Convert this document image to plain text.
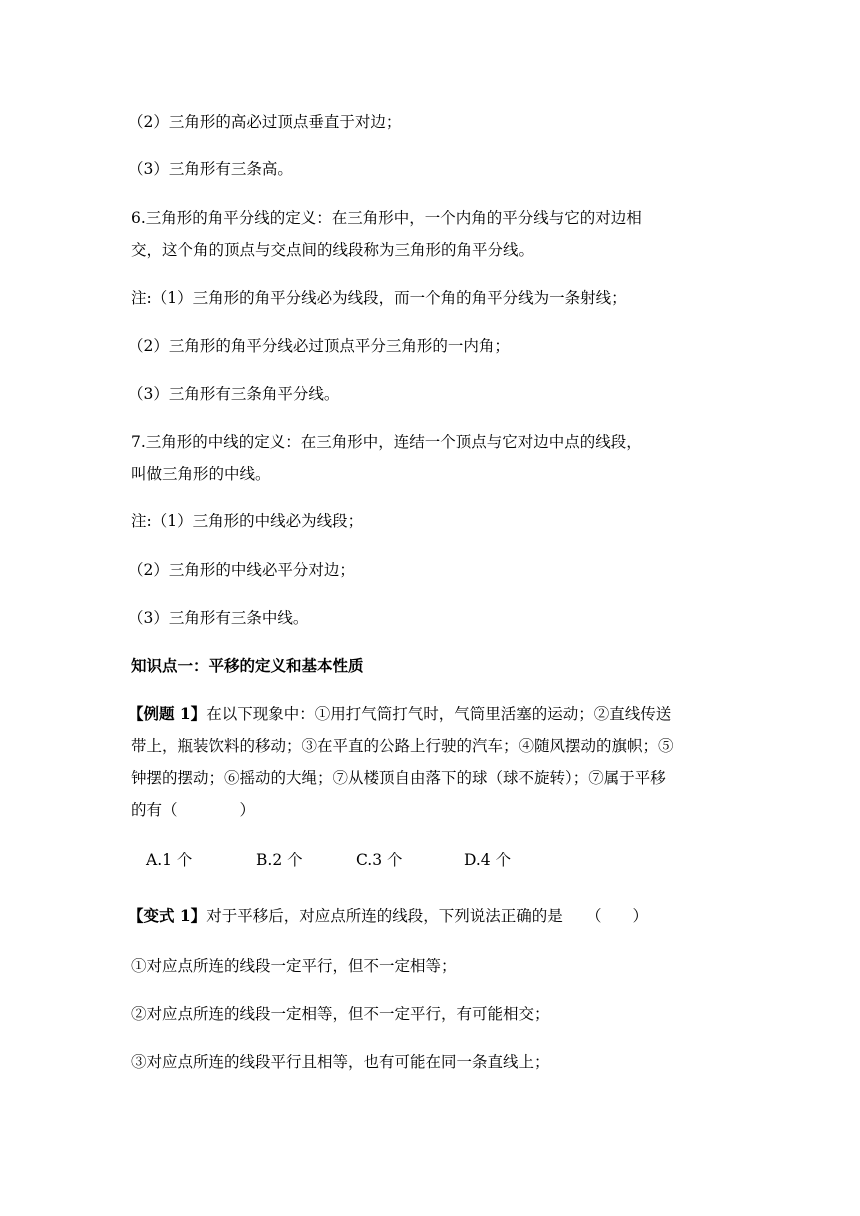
（2）三角形的高必过顶点垂直于对边；
（3）三角形有三条高。
6.三角形的角平分线的定义：在三角形中，一个内角的平分线与它的对边相
交，这个角的顶点与交点间的线段称为三角形的角平分线。
注:（1）三角形的角平分线必为线段，而一个角的角平分线为一条射线；
（2）三角形的角平分线必过顶点平分三角形的一内角；
（3）三角形有三条角平分线。
7.三角形的中线的定义：在三角形中，连结一个顶点与它对边中点的线段，
叫做三角形的中线。
注:（1）三角形的中线必为线段；
（2）三角形的中线必平分对边；
（3）三角形有三条中线。
知识点一：平移的定义和基本性质
【例题 1】在以下现象中：①用打气筒打气时，气筒里活塞的运动；②直线传送
带上，瓶装饮料的移动；③在平直的公路上行驶的汽车；④随风摆动的旗帜；⑤
钟摆的摆动；⑥摇动的大绳；⑦从楼顶自由落下的球（球不旋转）；⑦属于平移
的有（　　　　）
A.1 个	B.2 个	C.3 个	D.4 个
【变式 1】对于平移后，对应点所连的线段，下列说法正确的是　　（　　）
①对应点所连的线段一定平行，但不一定相等；
②对应点所连的线段一定相等，但不一定平行，有可能相交；
③对应点所连的线段平行且相等，也有可能在同一条直线上；
